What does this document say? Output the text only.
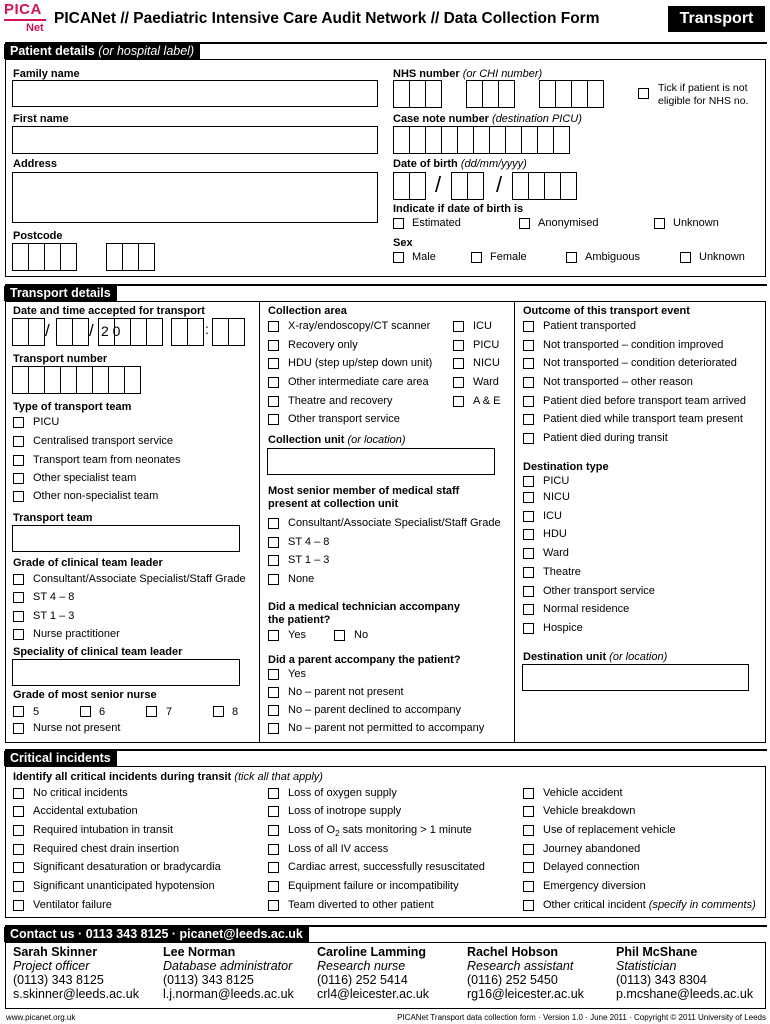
PICA
Net
PICANet // Paediatric Intensive Care Audit Network // Data Collection Form	Transport
Patient details (or hospital label)
Family name
First name
Address
Postcode
NHS number (or CHI number)
Tick if patient is not
eligible for NHS no.
Case note number (destination PICU)
Date of birth (dd/mm/yyyy)
/ /
Indicate if date of birth is
Estimated	Anonymised	Unknown
Sex
Male	Female	Ambiguous	Unknown
Transport details
Date and time accepted for transport
/ / 2 0	:
Transport number
Type of transport team
PICU
Centralised transport service
Transport team from neonates
Other specialist team
Other non-specialist team
Transport team
Grade of clinical team leader
Consultant/Associate Specialist/Staff Grade
ST 4 – 8
ST 1 – 3
Nurse practitioner
Speciality of clinical team leader
Grade of most senior nurse
5	6	7	8
Nurse not present
Collection area
X-ray/endoscopy/CT scanner
Recovery only
HDU (step up/step down unit)
Other intermediate care area
Theatre and recovery
Other transport service
ICU
PICU
NICU
Ward
A & E
Collection unit (or location)
Most senior member of medical staff
present at collection unit
Consultant/Associate Specialist/Staff Grade
ST 4 – 8
ST 1 – 3
None
Did a medical technician accompany
the patient?
Yes	No
Did a parent accompany the patient?
Yes
No – parent not present
No – parent declined to accompany
No – parent not permitted to accompany
Outcome of this transport event
Patient transported
Not transported – condition improved
Not transported – condition deteriorated
Not transported – other reason
Patient died before transport team arrived
Patient died while transport team present
Patient died during transit
Destination type
PICU
NICU
ICU
HDU
Ward
Theatre
Other transport service
Normal residence
Hospice
Destination unit (or location)
Critical incidents
Identify all critical incidents during transit (tick all that apply)
No critical incidents
Accidental extubation
Required intubation in transit
Required chest drain insertion
Significant desaturation or bradycardia
Significant unanticipated hypotension
Ventilator failure
Loss of oxygen supply
Loss of inotrope supply
Loss of $O_2$ sats monitoring > 1 minute
Loss of all IV access
Cardiac arrest, successfully resuscitated
Equipment failure or incompatibility
Team diverted to other patient
Vehicle accident
Vehicle breakdown
Use of replacement vehicle
Journey abandoned
Delayed connection
Emergency diversion
Other critical incident (specify in comments)
Contact us · 0113 343 8125 · picanet@leeds.ac.uk
Sarah Skinner
Project officer
(0113) 343 8125
s.skinner@leeds.ac.uk
Lee Norman
Database administrator
(0113) 343 8125
l.j.norman@leeds.ac.uk
Caroline Lamming
Research nurse
(0116) 252 5414
crl4@leicester.ac.uk
Rachel Hobson
Research assistant
(0116) 252 5450
rg16@leicester.ac.uk
Phil McShane
Statistician
(0113) 343 8304
p.mcshane@leeds.ac.uk
www.picanet.org.uk	PICANet Transport data collection form · Version 1.0 · June 2011 · Copyright © 2011 University of Leeds
